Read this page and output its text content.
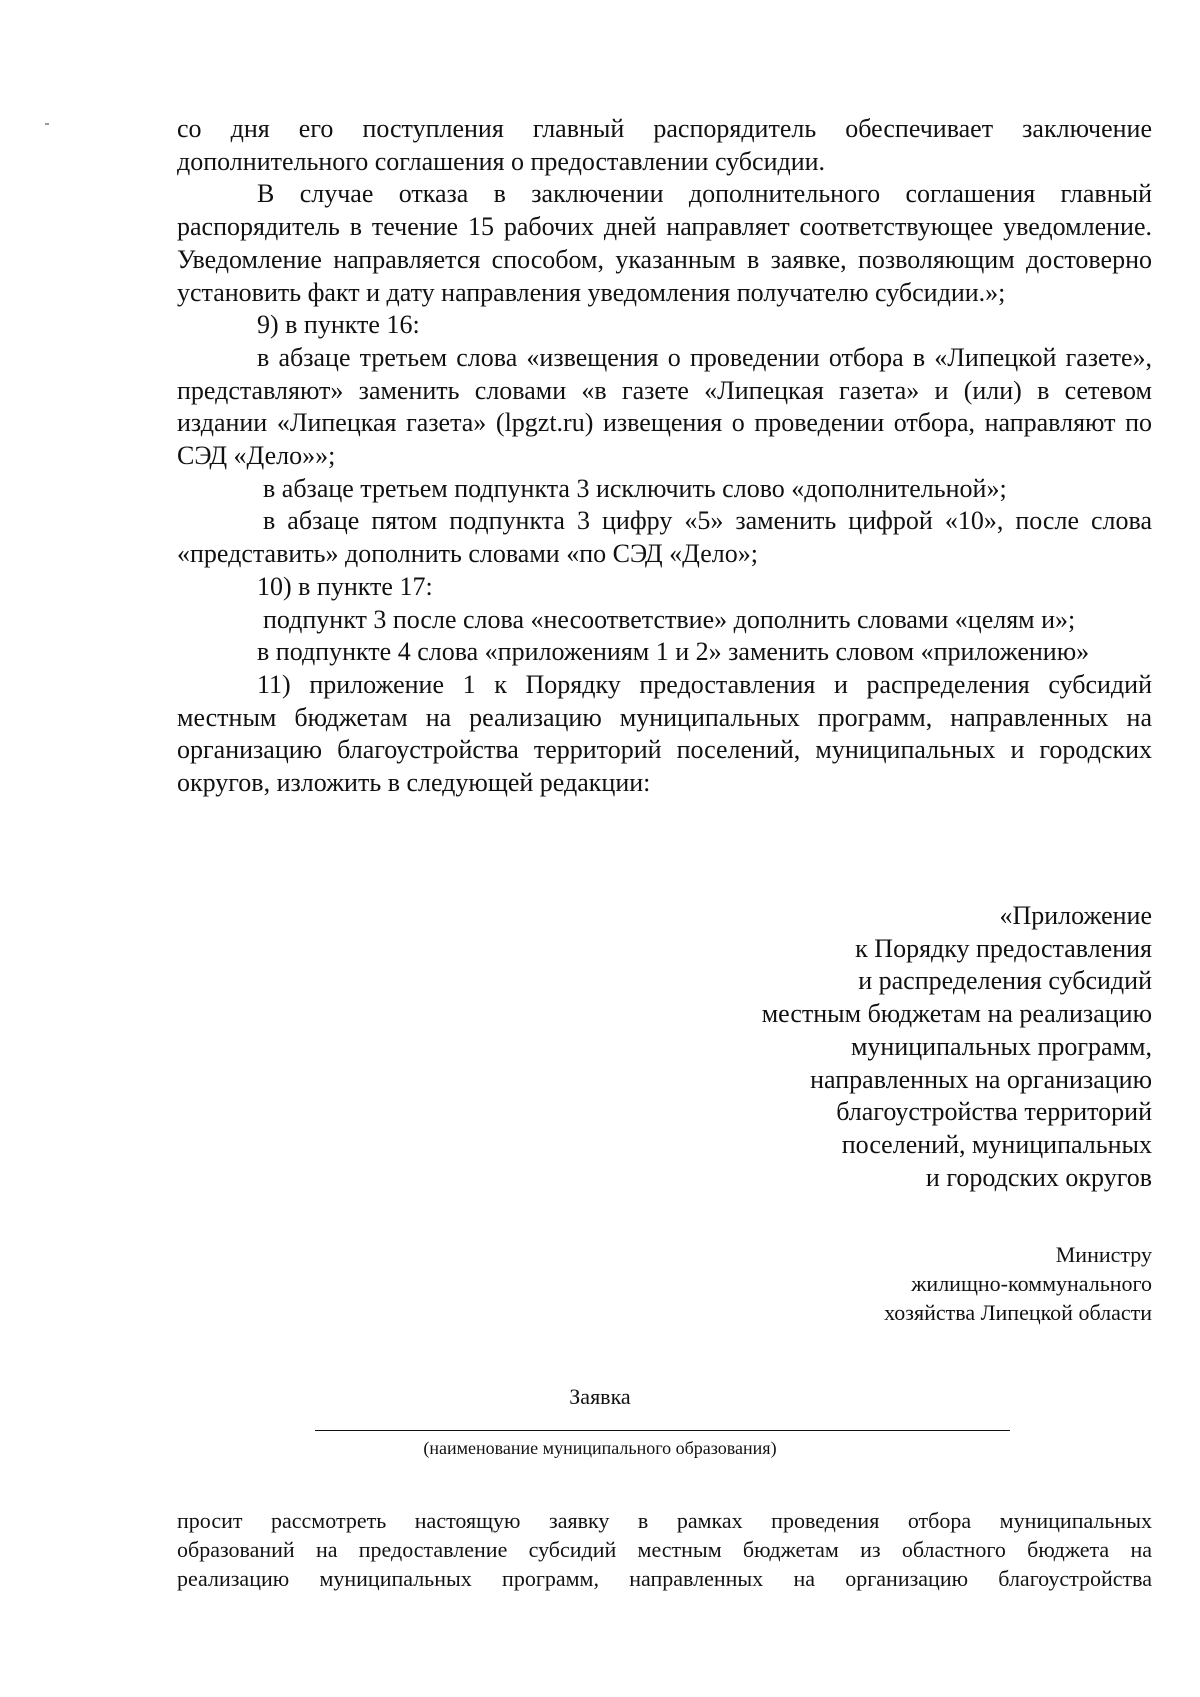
со дня его поступления главный распорядитель обеспечивает заключение дополнительного соглашения о предоставлении субсидии.

В случае отказа в заключении дополнительного соглашения главный распорядитель в течение 15 рабочих дней направляет соответствующее уведомление. Уведомление направляется способом, указанным в заявке, позволяющим достоверно установить факт и дату направления уведомления получателю субсидии.»;

9) в пункте 16:

в абзаце третьем слова «извещения о проведении отбора в «Липецкой газете», представляют» заменить словами «в газете «Липецкая газета» и (или) в сетевом издании «Липецкая газета» (lpgzt.ru) извещения о проведении отбора, направляют по СЭД «Дело»»;

в абзаце третьем подпункта 3 исключить слово «дополнительной»;

в абзаце пятом подпункта 3 цифру «5» заменить цифрой «10», после слова «представить» дополнить словами «по СЭД «Дело»;

10) в пункте 17:

подпункт 3 после слова «несоответствие» дополнить словами «целям и»;

в подпункте 4 слова «приложениям 1 и 2» заменить словом «приложению»

11) приложение 1 к Порядку предоставления и распределения субсидий местным бюджетам на реализацию муниципальных программ, направленных на организацию благоустройства территорий поселений, муниципальных и городских округов, изложить в следующей редакции:

«Приложение
к Порядку предоставления
и распределения субсидий
местным бюджетам на реализацию
муниципальных программ,
направленных на организацию
благоустройства территорий
поселений, муниципальных
и городских округов
Министру
жилищно-коммунального
хозяйства Липецкой области
Заявка
(наименование муниципального образования)

просит рассмотреть настоящую заявку в рамках проведения отбора муниципальных

образований на предоставление субсидий местным бюджетам из областного бюджета на

реализацию муниципальных программ, направленных на организацию благоустройства
